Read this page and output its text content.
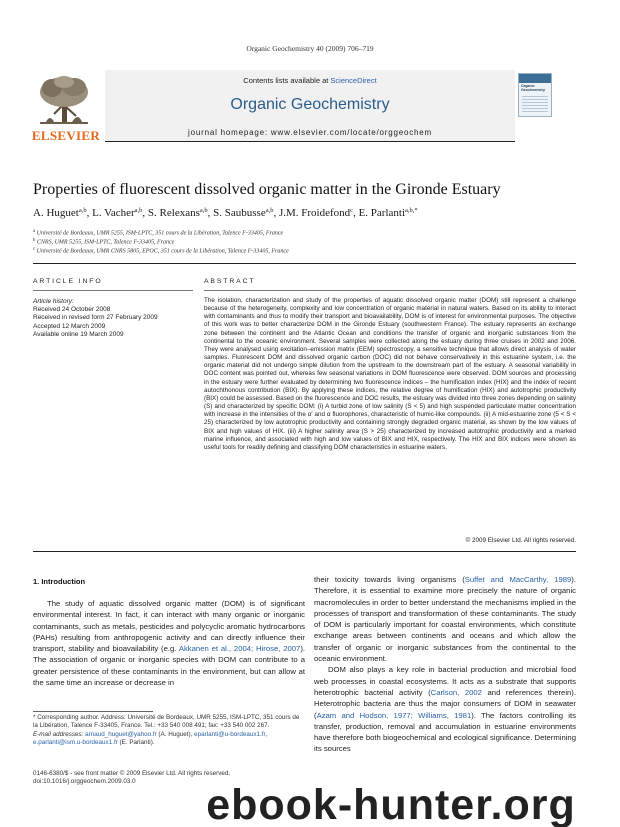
Organic Geochemistry 40 (2009) 706–719
ELSEVIER
Contents lists available at ScienceDirect
Organic Geochemistry
journal homepage: www.elsevier.com/locate/orggeochem
Organic Geochemistry
Properties of fluorescent dissolved organic matter in the Gironde Estuary
A. Huguet$^{a,b}$, L. Vacher$^{a,b}$, S. Relexans$^{a,b}$, S. Saubusse$^{a,b}$, J.M. Froidefond$^c$, E. Parlanti$^{a,b,*}$
$^a$ Université de Bordeaux, UMR 5255, ISM-LPTC, 351 cours de la Libération, Talence F-33405, France
$^b$ CNRS, UMR 5255, ISM-LPTC, Talence F-33405, France
$^c$ Université de Bordeaux, UMR CNRS 5805, EPOC, 351 cours de la Libération, Talence F-33405, France
ARTICLE INFO
Article history:
Received 24 October 2008
Received in revised form 27 February 2009
Accepted 12 March 2009
Available online 19 March 2009
ABSTRACT
The isolation, characterization and study of the properties of aquatic dissolved organic matter (DOM) still represent a challenge because of the heterogeneity, complexity and low concentration of organic material in natural waters. Based on its ability to interact with contaminants and thus to modify their transport and bioavailability, DOM is of interest for environmental purposes. The objective of this work was to better characterize DOM in the Gironde Estuary (southwestern France). The estuary represents an exchange zone between the continent and the Atlantic Ocean and conditions the transfer of organic and inorganic substances from the continental to the oceanic environment. Several samples were collected along the estuary during three cruises in 2002 and 2006. They were analysed using excitation–emission matrix (EEM) spectroscopy, a sensitive technique that allows direct analysis of water samples. Fluorescent DOM and dissolved organic carbon (DOC) did not behave conservatively in this estuarine system, i.e. the organic material did not undergo simple dilution from the upstream to the downstream part of the estuary. A seasonal variability in DOC content was pointed out, whereas few seasonal variations in DOM fluorescence were observed. DOM sources and processing in the estuary were further evaluated by determining two fluorescence indices – the humification index (HIX) and the index of recent autochthonous contribution (BIX). By applying these indices, the relative degree of humification (HIX) and autotrophic productivity (BIX) could be assessed. Based on the fluorescence and DOC results, the estuary was divided into three zones depending on salinity (S) and characterized by specific DOM: (i) A turbid zone of low salinity (S < 5) and high suspended particulate matter concentration with increase in the intensities of the α′ and α fluorophores, characteristic of humic-like compounds. (ii) A mid-estuarine zone (5 < S < 25) characterized by low autotrophic productivity and containing strongly degraded organic material, as shown by the low values of BIX and high values of HIX. (iii) A higher salinity area (S > 25) characterized by increased autotrophic productivity and a marked marine influence, and associated with high and low values of BIX and HIX, respectively. The HIX and BIX indices were shown as useful tools for readily defining and classifying DOM characteristics in estuarine waters.
© 2009 Elsevier Ltd. All rights reserved.
1. Introduction
The study of aquatic dissolved organic matter (DOM) is of significant environmental interest. In fact, it can interact with many organic or inorganic contaminants, such as metals, pesticides and polycyclic aromatic hydrocarbons (PAHs) resulting from anthropogenic activity and can directly influence their transport, stability and bioavailability (e.g. Akkanen et al., 2004; Hirose, 2007). The association of organic or inorganic species with DOM can contribute to a greater persistence of these contaminants in the environment, but can allow at the same time an increase or decrease in
their toxicity towards living organisms (Suffet and MacCarthy, 1989). Therefore, it is essential to examine more precisely the nature of organic macromolecules in order to better understand the mechanisms implied in the processes of transport and transformation of these contaminants. The study of DOM is particularly important for coastal environments, which constitute exchange areas between continents and oceans and which allow the transfer of organic or inorganic substances from the continental to the oceanic environment.
DOM also plays a key role in bacterial production and microbial food web processes in coastal ecosystems. It acts as a substrate that supports heterotrophic bacterial activity (Carlson, 2002 and references therein). Heterotrophic bacteria are thus the major consumers of DOM in seawater (Azam and Hodson, 1977; Williams, 1981). The factors controlling its transfer, production, removal and accumulation in estuarine environments have therefore both biogeochemical and ecological significance. Determining its sources
* Corresponding author. Address: Université de Bordeaux, UMR 5255, ISM-LPTC, 351 cours de la Libération, Talence F-33405, France. Tel.: +33 540 008 491; fax: +33 540 002 267.
E-mail addresses: arnaud_huguet@yahoo.fr (A. Huguet), eparlanti@u-bordeaux1.fr, e.parlanti@ism.u-bordeaux1.fr (E. Parlanti).
0146-6380/$ - see front matter © 2009 Elsevier Ltd. All rights reserved.
doi:10.1016/j.orggeochem.2009.03.0	ebook-hunter.org
